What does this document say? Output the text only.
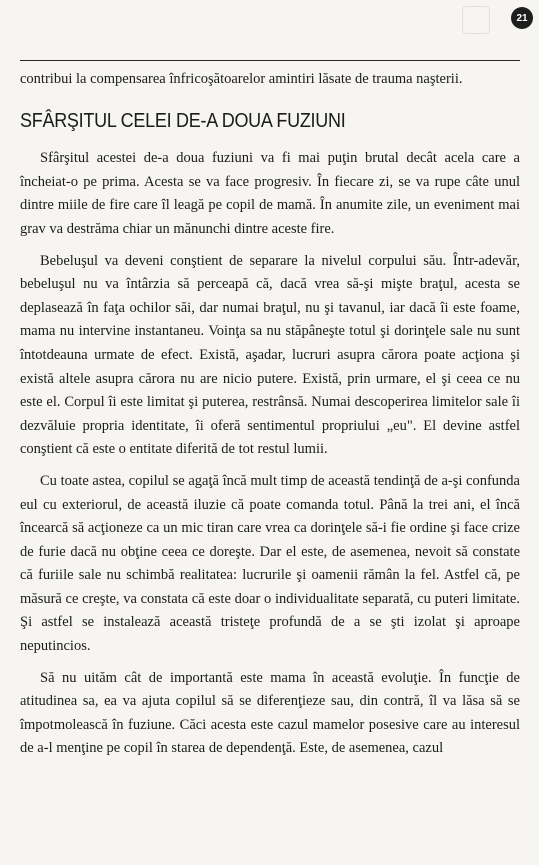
21

contribui la compensarea înfricoşătoarelor amintiri lăsate de trauma naşterii.

SFÂRŞITUL CELEI DE-A DOUA FUZIUNI

Sfârşitul acestei de-a doua fuziuni va fi mai puţin brutal decât acela care a încheiat-o pe prima. Acesta se va face progresiv. În fiecare zi, se va rupe câte unul dintre miile de fire care îl leagă pe copil de mamă. În anumite zile, un eveniment mai grav va destrăma chiar un mănunchi dintre aceste fire.

Bebeluşul va deveni conştient de separare la nivelul corpului său. Într-adevăr, bebeluşul nu va întârzia să perceapă că, dacă vrea să-şi mişte braţul, acesta se deplasează în faţa ochilor săi, dar numai braţul, nu şi tavanul, iar dacă îi este foame, mama nu intervine instantaneu. Voinţa sa nu stăpâneşte totul şi dorinţele sale nu sunt întotdeauna urmate de efect. Există, aşadar, lucruri asupra cărora poate acţiona şi există altele asupra cărora nu are nicio putere. Există, prin urmare, el şi ceea ce nu este el. Corpul îi este limitat şi puterea, restrânsă. Numai descoperirea limitelor sale îi dezvăluie propria identitate, îi oferă sentimentul propriului „eu". El devine astfel conştient că este o entitate diferită de tot restul lumii.

Cu toate astea, copilul se agaţă încă mult timp de această tendinţă de a-şi confunda eul cu exteriorul, de această iluzie că poate comanda totul. Până la trei ani, el încă încearcă să acţioneze ca un mic tiran care vrea ca dorinţele să-i fie ordine şi face crize de furie dacă nu obţine ceea ce doreşte. Dar el este, de asemenea, nevoit să constate că furiile sale nu schimbă realitatea: lucrurile şi oamenii rămân la fel. Astfel că, pe măsură ce creşte, va constata că este doar o individualitate separată, cu puteri limitate. Şi astfel se instalează această tristeţe profundă de a se şti izolat şi aproape neputincios.

Să nu uităm cât de importantă este mama în această evoluţie. În funcţie de atitudinea sa, ea va ajuta copilul să se diferenţieze sau, din contră, îl va lăsa să se împotmolească în fuziune. Căci acesta este cazul mamelor posesive care au interesul de a-l menţine pe copil în starea de dependenţă. Este, de asemenea, cazul
